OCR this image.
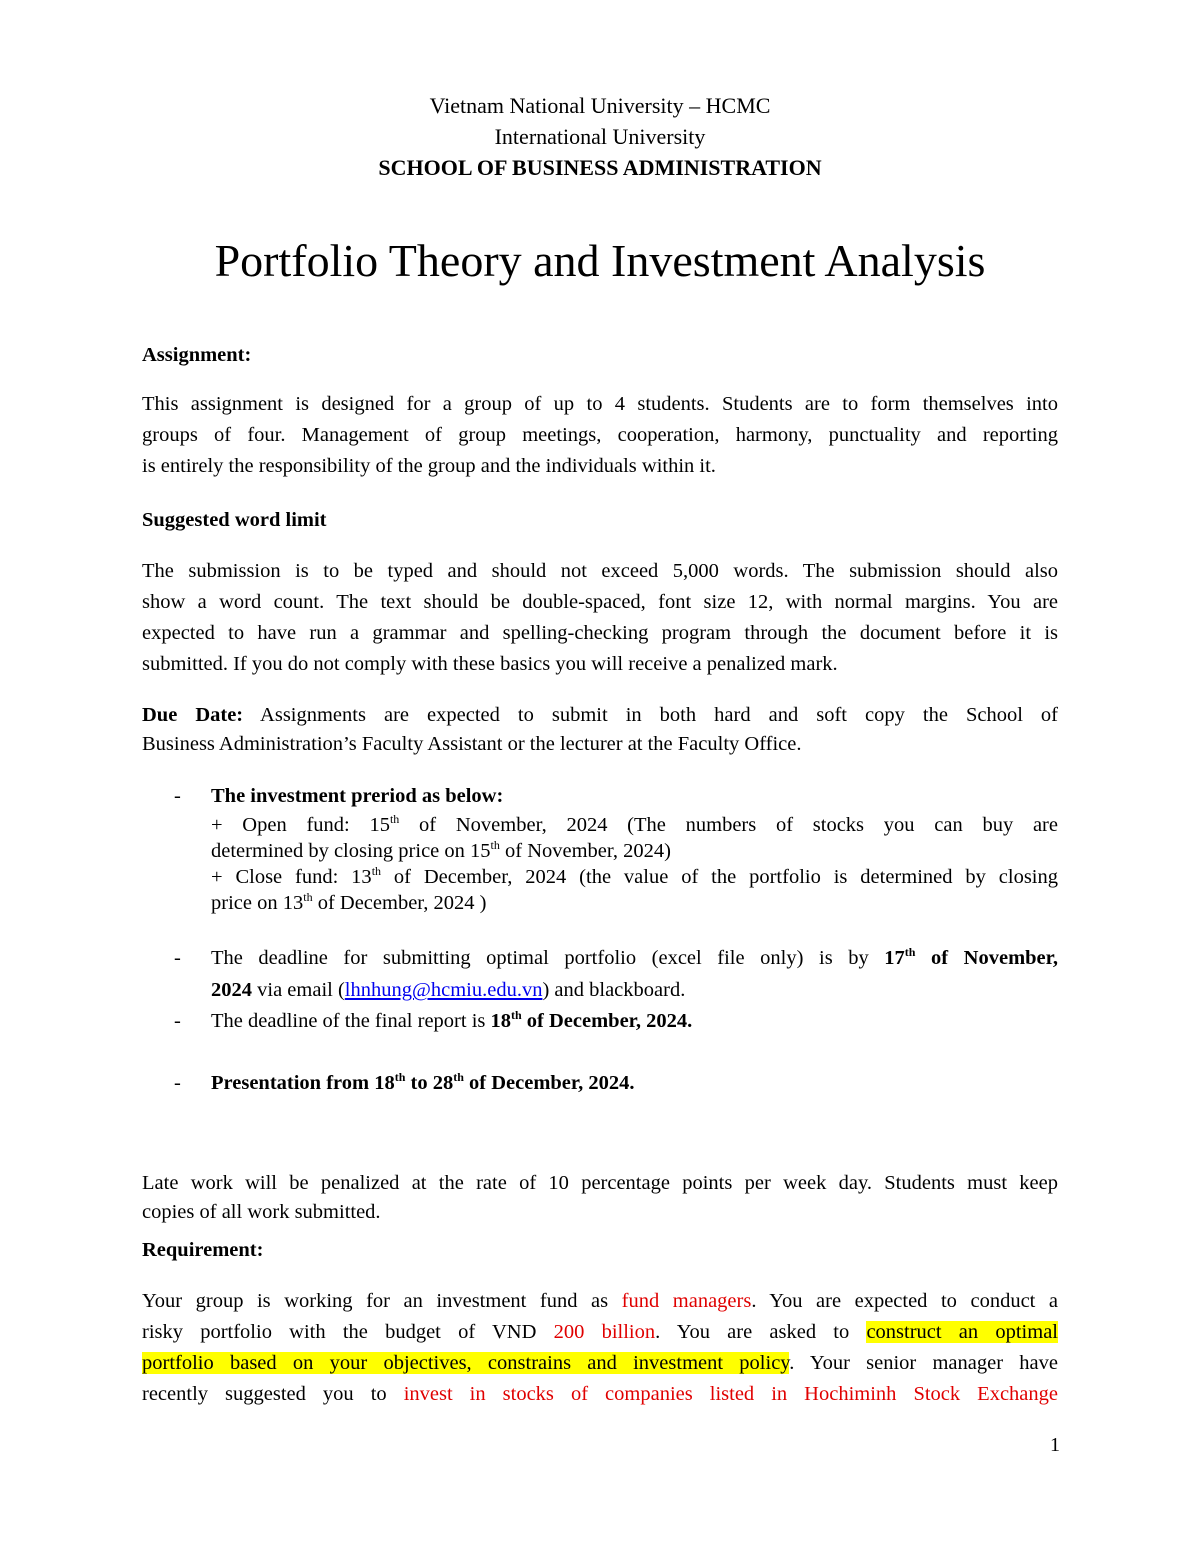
Vietnam National University – HCMC
International University
SCHOOL OF BUSINESS ADMINISTRATION
Portfolio Theory and Investment Analysis
Assignment:
This assignment is designed for a group of up to 4 students. Students are to form themselves into
groups of four. Management of group meetings, cooperation, harmony, punctuality and reporting
is entirely the responsibility of the group and the individuals within it.
Suggested word limit
The submission is to be typed and should not exceed 5,000 words. The submission should also
show a word count. The text should be double-spaced, font size 12, with normal margins. You are
expected to have run a grammar and spelling-checking program through the document before it is
submitted. If you do not comply with these basics you will receive a penalized mark.
Due Date: Assignments are expected to submit in both hard and soft copy the School of
Business Administration’s Faculty Assistant or the lecturer at the Faculty Office.
- The investment preriod as below:
+ Open fund: 15th of November, 2024 (The numbers of stocks you can buy are
determined by closing price on 15th of November, 2024)
+ Close fund: 13th of December, 2024 (the value of the portfolio is determined by closing
price on 13th of December, 2024 )
- The deadline for submitting optimal portfolio (excel file only) is by 17th of November,
2024 via email (lhnhung@hcmiu.edu.vn) and blackboard.
- The deadline of the final report is 18th of December, 2024.
- Presentation from 18th to 28th of December, 2024.
Late work will be penalized at the rate of 10 percentage points per week day. Students must keep
copies of all work submitted.
Requirement:
Your group is working for an investment fund as fund managers. You are expected to conduct a
risky portfolio with the budget of VND 200 billion. You are asked to construct an optimal
portfolio based on your objectives, constrains and investment policy. Your senior manager have
recently suggested you to invest in stocks of companies listed in Hochiminh Stock Exchange
1
